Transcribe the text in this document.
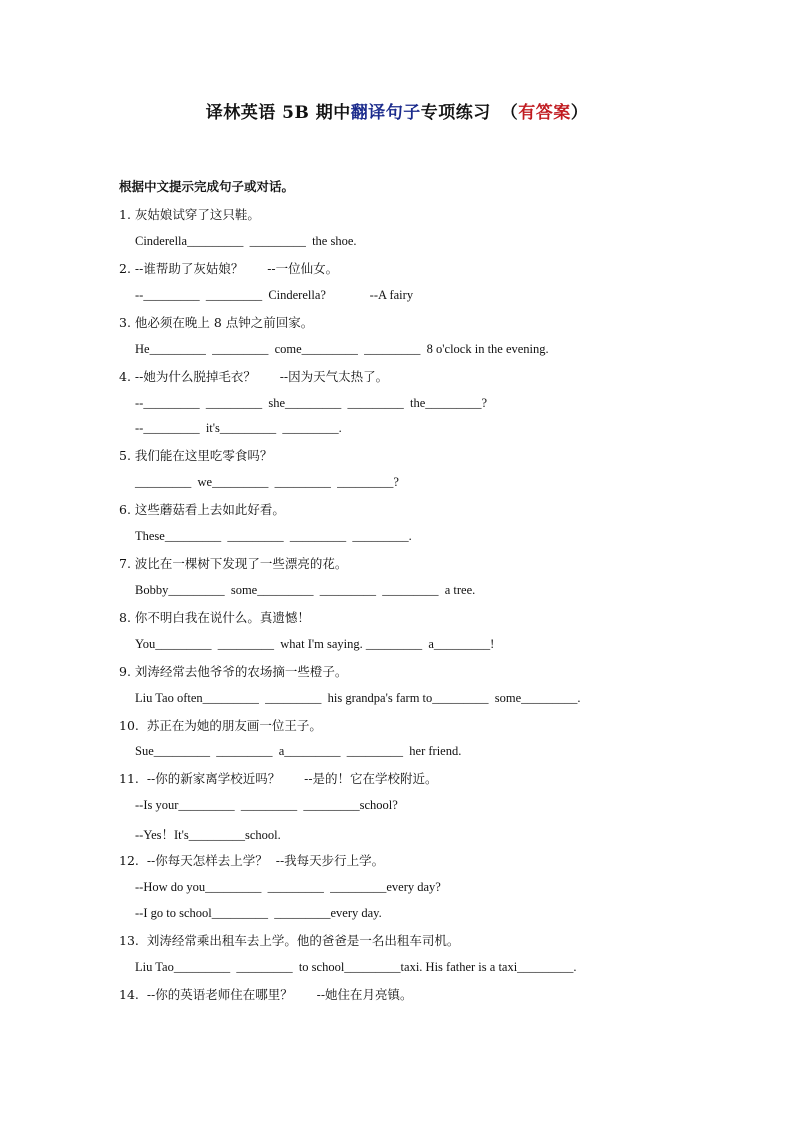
译林英语 5B 期中翻译句子专项练习 （有答案）
根据中文提示完成句子或对话。
1. 灰姑娘试穿了这只鞋。
Cinderella_________  _________  the shoe.
2. --谁帮助了灰姑娘？      --一位仙女。
--_________  _________  Cinderella?              --A fairy
3. 他必须在晚上 8 点钟之前回家。
He_________  _________  come_________  _________  8 o'clock in the evening.
4. --她为什么脱掉毛衣？      --因为天气太热了。
--_________  _________  she_________  _________  the_________?
--_________  it's_________  _________.
5. 我们能在这里吃零食吗？
_________  we_________  _________  _________?
6. 这些蘑菇看上去如此好看。
These_________  _________  _________  _________.
7. 波比在一棵树下发现了一些漂亮的花。
Bobby_________  some_________  _________  _________  a tree.
8. 你不明白我在说什么。真遗憾！
You_________  _________  what I'm saying. _________  a_________!
9. 刘涛经常去他爷爷的农场摘一些橙子。
Liu Tao often_________  _________  his grandpa's farm to_________  some_________.
10.  苏正在为她的朋友画一位王子。
Sue_________  _________  a_________  _________  her friend.
11.  --你的新家离学校近吗？      --是的！它在学校附近。
--Is your_________  _________  _________school?
--Yes！It's_________school.
12.  --你每天怎样去上学？  --我每天步行上学。
--How do you_________  _________  _________every day?
--I go to school_________  _________every day.
13.  刘涛经常乘出租车去上学。他的爸爸是一名出租车司机。
Liu Tao_________  _________  to school_________taxi. His father is a taxi_________.
14.  --你的英语老师住在哪里？      --她住在月亮镇。
